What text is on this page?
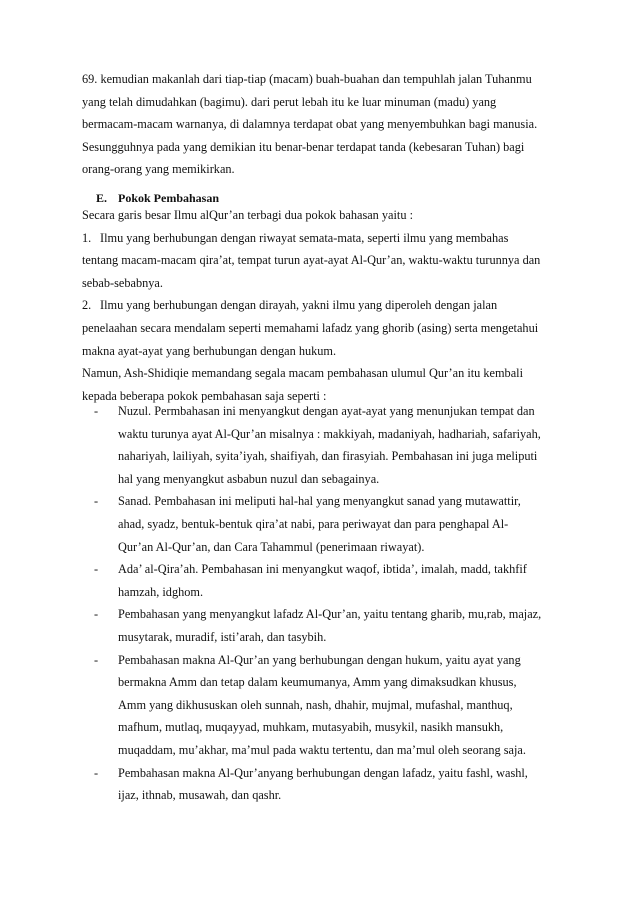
69. kemudian makanlah dari tiap-tiap (macam) buah-buahan dan tempuhlah jalan Tuhanmu

yang telah dimudahkan (bagimu). dari perut lebah itu ke luar minuman (madu) yang

bermacam-macam warnanya, di dalamnya terdapat obat yang menyembuhkan bagi manusia.

Sesungguhnya pada yang demikian itu benar-benar terdapat tanda (kebesaran Tuhan) bagi

orang-orang yang memikirkan.

E. Pokok Pembahasan

Secara garis besar Ilmu alQur’an terbagi dua pokok bahasan yaitu :

1. Ilmu yang berhubungan dengan riwayat semata-mata, seperti ilmu yang membahas

tentang macam-macam qira’at, tempat turun ayat-ayat Al-Qur’an, waktu-waktu turunnya dan

sebab-sebabnya.

2. Ilmu yang berhubungan dengan dirayah, yakni ilmu yang diperoleh dengan jalan

penelaahan secara mendalam seperti memahami lafadz yang ghorib (asing) serta mengetahui

makna ayat-ayat yang berhubungan dengan hukum.

Namun, Ash-Shidiqie memandang segala macam pembahasan ulumul Qur’an itu kembali

kepada beberapa pokok pembahasan saja seperti :

-	Nuzul. Permbahasan ini menyangkut dengan ayat-ayat yang menunjukan tempat dan
waktu turunya ayat Al-Qur’an misalnya : makkiyah, madaniyah, hadhariah, safariyah,
nahariyah, lailiyah, syita’iyah, shaifiyah, dan firasyiah. Pembahasan ini juga meliputi
hal yang menyangkut asbabun nuzul dan sebagainya.
-	Sanad. Pembahasan ini meliputi hal-hal yang menyangkut sanad yang mutawattir,
ahad, syadz, bentuk-bentuk qira’at nabi, para periwayat dan para penghapal Al-
Qur’an Al-Qur’an, dan Cara Tahammul (penerimaan riwayat).
-	Ada’ al-Qira’ah. Pembahasan ini menyangkut waqof, ibtida’, imalah, madd, takhfif
hamzah, idghom.
-	Pembahasan yang menyangkut lafadz Al-Qur’an, yaitu tentang gharib, mu,rab, majaz,
musytarak, muradif, isti’arah, dan tasybih.
-	Pembahasan makna Al-Qur’an yang berhubungan dengan hukum, yaitu ayat yang
bermakna Amm dan tetap dalam keumumanya, Amm yang dimaksudkan khusus,
Amm yang dikhususkan oleh sunnah, nash, dhahir, mujmal, mufashal, manthuq,
mafhum, mutlaq, muqayyad, muhkam, mutasyabih, musykil, nasikh mansukh,
muqaddam, mu’akhar, ma’mul pada waktu tertentu, dan ma’mul oleh seorang saja.
-	Pembahasan makna Al-Qur’anyang berhubungan dengan lafadz, yaitu fashl, washl,
ijaz, ithnab, musawah, dan qashr.
